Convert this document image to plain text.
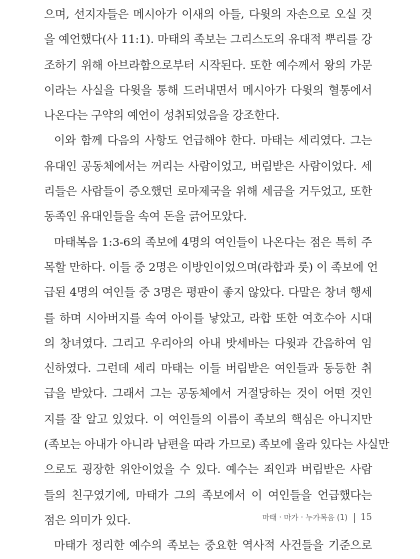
으며, 선지자들은 메시아가 이새의 아들, 다윗의 자손으로 오실 것
을 예언했다(사 11:1). 마태의 족보는 그리스도의 유대적 뿌리를 강
조하기 위해 아브라함으로부터 시작된다. 또한 예수께서 왕의 가문
이라는 사실을 다윗을 통해 드러내면서 메시아가 다윗의 혈통에서
나온다는 구약의 예언이 성취되었음을 강조한다.
이와 함께 다음의 사항도 언급해야 한다. 마태는 세리였다. 그는
유대인 공동체에서는 꺼리는 사람이었고, 버림받은 사람이었다. 세
리들은 사람들이 증오했던 로마제국을 위해 세금을 거두었고, 또한
동족인 유대인들을 속여 돈을 긁어모았다.
마태복음 1:3-6의 족보에 4명의 여인들이 나온다는 점은 특히 주
목할 만하다. 이들 중 2명은 이방인이었으며(라합과 룻) 이 족보에 언
급된 4명의 여인들 중 3명은 평판이 좋지 않았다. 다말은 창녀 행세
를 하며 시아버지를 속여 아이를 낳았고, 라합 또한 여호수아 시대
의 창녀였다. 그리고 우리아의 아내 밧세바는 다윗과 간음하여 임
신하였다. 그런데 세리 마태는 이들 버림받은 여인들과 동등한 취
급을 받았다. 그래서 그는 공동체에서 거절당하는 것이 어떤 것인
지를 잘 알고 있었다. 이 여인들의 이름이 족보의 핵심은 아니지만
(족보는 아내가 아니라 남편을 따라 가므로) 족보에 올라 있다는 사실만
으로도 굉장한 위안이었을 수 있다. 예수는 죄인과 버림받은 사람
들의 친구였기에, 마태가 그의 족보에서 이 여인들을 언급했다는
점은 의미가 있다.
마태가 정리한 예수의 족보는 중요한 역사적 사건들을 기준으로
마태 · 마가 · 누가복음 (1) 15
